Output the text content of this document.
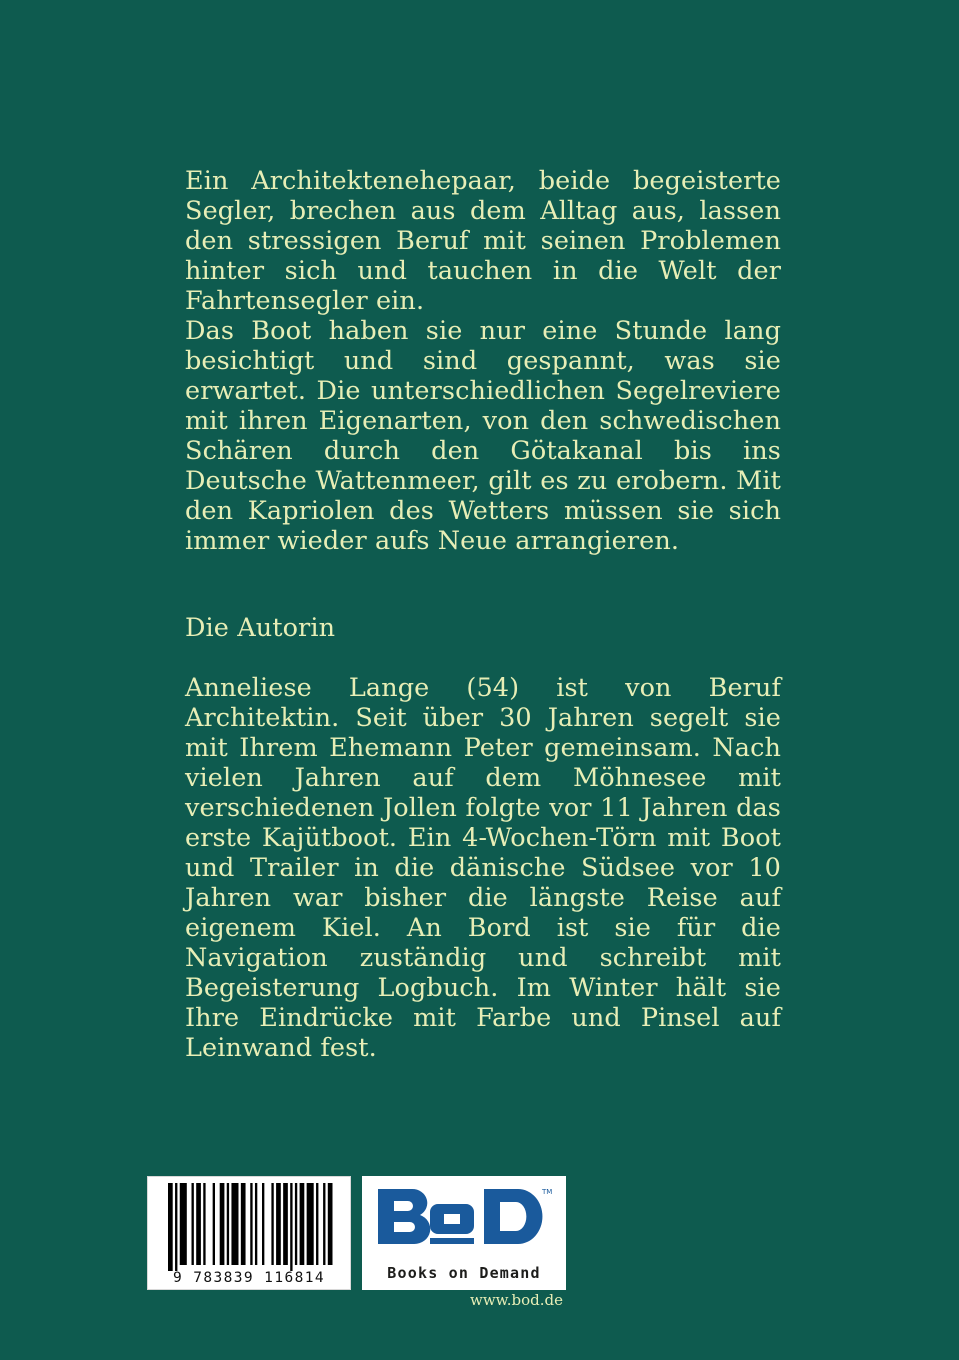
Ein Architektenehepaar, beide begeisterte Segler, brechen aus dem Alltag aus, lassen den stressigen Beruf mit seinen Problemen hinter sich und tauchen in die Welt der Fahrtensegler ein.

Das Boot haben sie nur eine Stunde lang besichtigt und sind gespannt, was sie erwartet. Die unterschiedlichen Segelreviere mit ihren Eigenarten, von den schwedischen Schären durch den Götakanal bis ins Deutsche Wattenmeer, gilt es zu erobern. Mit den Kapriolen des Wetters müssen sie sich immer wieder aufs Neue arrangieren.

Die Autorin

Anneliese Lange (54) ist von Beruf Architektin. Seit über 30 Jahren segelt sie mit Ihrem Ehemann Peter gemeinsam. Nach vielen Jahren auf dem Möhnesee mit verschiedenen Jollen folgte vor 11 Jahren das erste Kajütboot. Ein 4-Wochen-Törn mit Boot und Trailer in die dänische Südsee vor 10 Jahren war bisher die längste Reise auf eigenem Kiel. An Bord ist sie für die Navigation zuständig und schreibt mit Begeisterung Logbuch. Im Winter hält sie Ihre Eindrücke mit Farbe und Pinsel auf Leinwand fest.

9 783839 116814
TM
Books on Demand
www.bod.de
